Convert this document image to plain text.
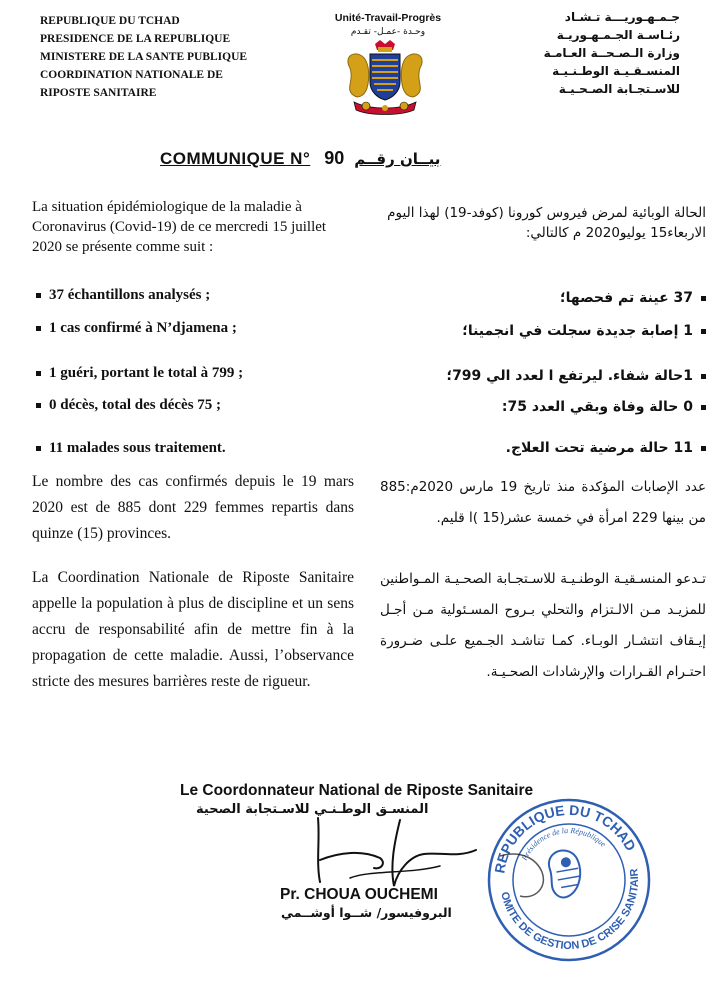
REPUBLIQUE DU TCHAD
PRESIDENCE DE LA REPUBLIQUE
MINISTERE DE LA SANTE PUBLIQUE
COORDINATION NATIONALE DE
RIPOSTE SANITAIRE
Unité-Travail-Progrès
وحـدة -عمـل- تقـدم
جـمـهـوريـــة تـشـاد
رئـاسـة الجـمـهـوريـة
وزارة الـصـحــة العـامـة
المنسـقـيـة الوطـنـيـة
للاسـتجـابة الصـحـيـة
COMMUNIQUE N° 90 بيــان رقــم
La situation épidémiologique de la maladie à Coronavirus (Covid-19) de ce mercredi 15 juillet 2020 se présente comme suit :
الحالة الوبائية لمرض فيروس كورونا (كوفد-19) لهذا اليوم الاربعاء15 يوليو2020 م كالتالي:
37 échantillons analysés ;
1 cas confirmé à N’djamena ;
1 guéri, portant le total à 799 ;
0 décès, total des décès 75 ;
11 malades sous traitement.
37 عينة تم فحصها؛
1 إصابة جديدة سجلت في انجمينا؛
1حالة شفاء. ليرتفع ا لعدد الي 799؛
0 حالة وفاة وبقي العدد 75:
11 حالة مرضية تحت العلاج.
Le nombre des cas confirmés depuis le 19 mars 2020 est de 885 dont 229 femmes repartis dans quinze (15) provinces.
عدد الإصابات المؤكدة منذ تاريخ 19 مارس 2020م:885 من بينها 229 امرأة في خمسة عشر(15 )ا قليم.
La Coordination Nationale de Riposte Sanitaire appelle la population à plus de discipline et un sens accru de responsabilité afin de mettre fin à la propagation de cette maladie. Aussi, l’observance stricte des mesures barrières reste de rigueur.
تـدعو المنسـقيـة الوطنـيـة للاسـتجـابة الصحـيـة المـواطنين للمزيـد مـن الالـتزام والتحلي بـروح المسـئولية مـن أجـل إيـقاف انتشـار الوبـاء. كمـا تناشـد الجـميع علـى ضـرورة احتـرام القـرارات والإرشادات الصحـيـة.
Le Coordonnateur National de Riposte Sanitaire
المنسـق الوطـنـي للاسـتجابة الصحية
Pr. CHOUA OUCHEMI
البروفيسور/ شــوا أوشــمي
REPUBLIQUE DU TCHAD
Présidence de la République
COMITE DE GESTION DE CRISE SANITAIRE
